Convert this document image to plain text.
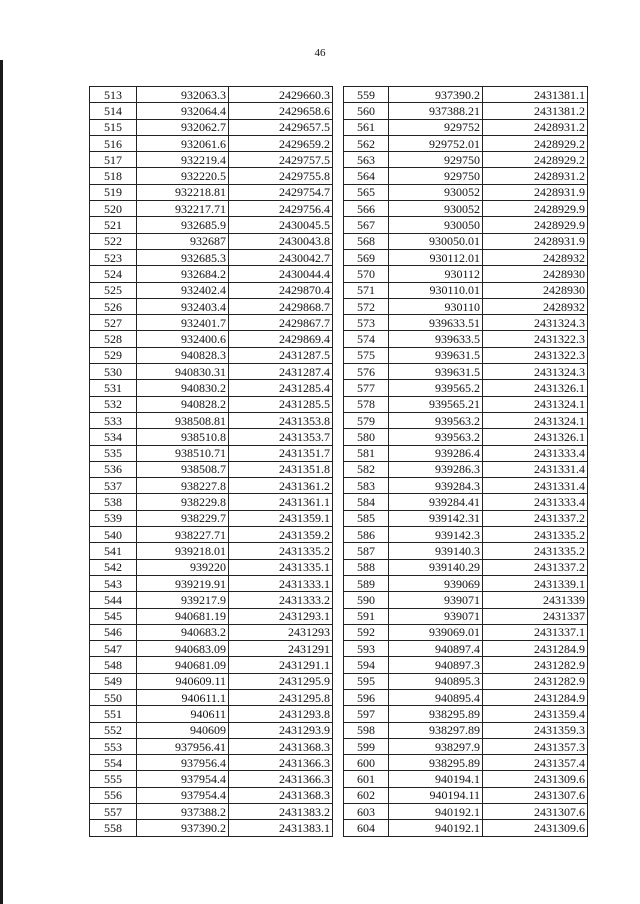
46
513	932063.3	2429660.3
514	932064.4	2429658.6
515	932062.7	2429657.5
516	932061.6	2429659.2
517	932219.4	2429757.5
518	932220.5	2429755.8
519	932218.81	2429754.7
520	932217.71	2429756.4
521	932685.9	2430045.5
522	932687	2430043.8
523	932685.3	2430042.7
524	932684.2	2430044.4
525	932402.4	2429870.4
526	932403.4	2429868.7
527	932401.7	2429867.7
528	932400.6	2429869.4
529	940828.3	2431287.5
530	940830.31	2431287.4
531	940830.2	2431285.4
532	940828.2	2431285.5
533	938508.81	2431353.8
534	938510.8	2431353.7
535	938510.71	2431351.7
536	938508.7	2431351.8
537	938227.8	2431361.2
538	938229.8	2431361.1
539	938229.7	2431359.1
540	938227.71	2431359.2
541	939218.01	2431335.2
542	939220	2431335.1
543	939219.91	2431333.1
544	939217.9	2431333.2
545	940681.19	2431293.1
546	940683.2	2431293
547	940683.09	2431291
548	940681.09	2431291.1
549	940609.11	2431295.9
550	940611.1	2431295.8
551	940611	2431293.8
552	940609	2431293.9
553	937956.41	2431368.3
554	937956.4	2431366.3
555	937954.4	2431366.3
556	937954.4	2431368.3
557	937388.2	2431383.2
558	937390.2	2431383.1
559	937390.2	2431381.1
560	937388.21	2431381.2
561	929752	2428931.2
562	929752.01	2428929.2
563	929750	2428929.2
564	929750	2428931.2
565	930052	2428931.9
566	930052	2428929.9
567	930050	2428929.9
568	930050.01	2428931.9
569	930112.01	2428932
570	930112	2428930
571	930110.01	2428930
572	930110	2428932
573	939633.51	2431324.3
574	939633.5	2431322.3
575	939631.5	2431322.3
576	939631.5	2431324.3
577	939565.2	2431326.1
578	939565.21	2431324.1
579	939563.2	2431324.1
580	939563.2	2431326.1
581	939286.4	2431333.4
582	939286.3	2431331.4
583	939284.3	2431331.4
584	939284.41	2431333.4
585	939142.31	2431337.2
586	939142.3	2431335.2
587	939140.3	2431335.2
588	939140.29	2431337.2
589	939069	2431339.1
590	939071	2431339
591	939071	2431337
592	939069.01	2431337.1
593	940897.4	2431284.9
594	940897.3	2431282.9
595	940895.3	2431282.9
596	940895.4	2431284.9
597	938295.89	2431359.4
598	938297.89	2431359.3
599	938297.9	2431357.3
600	938295.89	2431357.4
601	940194.1	2431309.6
602	940194.11	2431307.6
603	940192.1	2431307.6
604	940192.1	2431309.6
